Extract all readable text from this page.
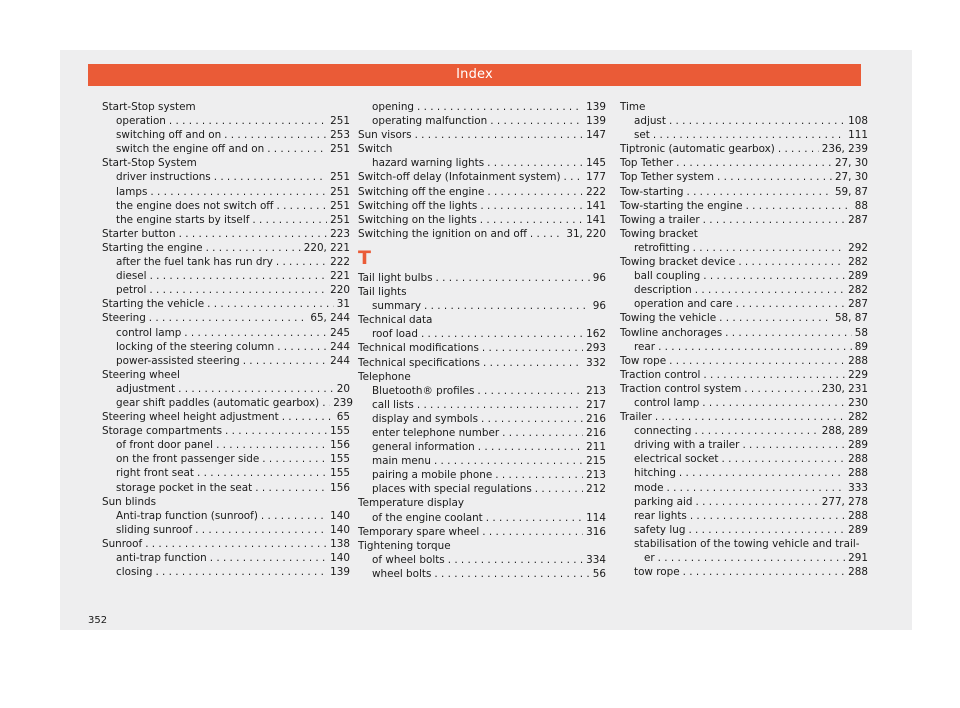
Index
Start-Stop system
operation . . .	251
switching off and on . . .	253
switch the engine off and on . . .	251
Start-Stop System
driver instructions . . .	251
lamps . . .	251
the engine does not switch off . . .	251
the engine starts by itself . . .	251
Starter button . . .	223
Starting the engine . . .	220, 221
after the fuel tank has run dry . . .	222
diesel . . .	221
petrol . . .	220
Starting the vehicle . . .	31
Steering . . .	65, 244
control lamp . . .	245
locking of the steering column . . .	244
power-assisted steering . . .	244
Steering wheel
adjustment . . .	20
gear shift paddles (automatic gearbox) . . . 239
Steering wheel height adjustment . . .	65
Storage compartments . . .	155
of front door panel . . .	156
on the front passenger side . . .	155
right front seat . . .	155
storage pocket in the seat . . .	156
Sun blinds
Anti-trap function (sunroof) . . .	140
sliding sunroof . . .	140
Sunroof . . .	138
anti-trap function . . .	140
closing . . .	139
opening . . .	139
operating malfunction . . .	139
Sun visors . . .	147
Switch
hazard warning lights . . .	145
Switch-off delay (Infotainment system) . . . 177
Switching off the engine . . .	222
Switching off the lights . . .	141
Switching on the lights . . .	141
Switching the ignition on and off . . .	31, 220
T
Tail light bulbs . . .	96
Tail lights
summary . . .	96
Technical data
roof load . . .	162
Technical modifications . . .	293
Technical specifications . . .	332
Telephone
Bluetooth® profiles . . .	213
call lists . . .	217
display and symbols . . .	216
enter telephone number . . .	216
general information . . .	211
main menu . . .	215
pairing a mobile phone . . .	213
places with special regulations . . .	212
Temperature display
of the engine coolant . . .	114
Temporary spare wheel . . .	316
Tightening torque
of wheel bolts . . .	334
wheel bolts . . .	56
Time
adjust . . .	108
set . . .	111
Tiptronic (automatic gearbox) . . .	236, 239
Top Tether . . .	27, 30
Top Tether system . . .	27, 30
Tow-starting . . .	59, 87
Tow-starting the engine . . .	88
Towing a trailer . . .	287
Towing bracket
retrofitting . . .	292
Towing bracket device . . .	282
ball coupling . . .	289
description . . .	282
operation and care . . .	287
Towing the vehicle . . .	58, 87
Towline anchorages . . .	58
rear . . .	89
Tow rope . . .	288
Traction control . . .	229
Traction control system . . .	230, 231
control lamp . . .	230
Trailer . . .	282
connecting . . .	288, 289
driving with a trailer . . .	289
electrical socket . . .	288
hitching . . .	288
mode . . .	333
parking aid . . .	277, 278
rear lights . . .	288
safety lug . . .	289
stabilisation of the towing vehicle and trail-
er . . .	291
tow rope . . .	288
352
